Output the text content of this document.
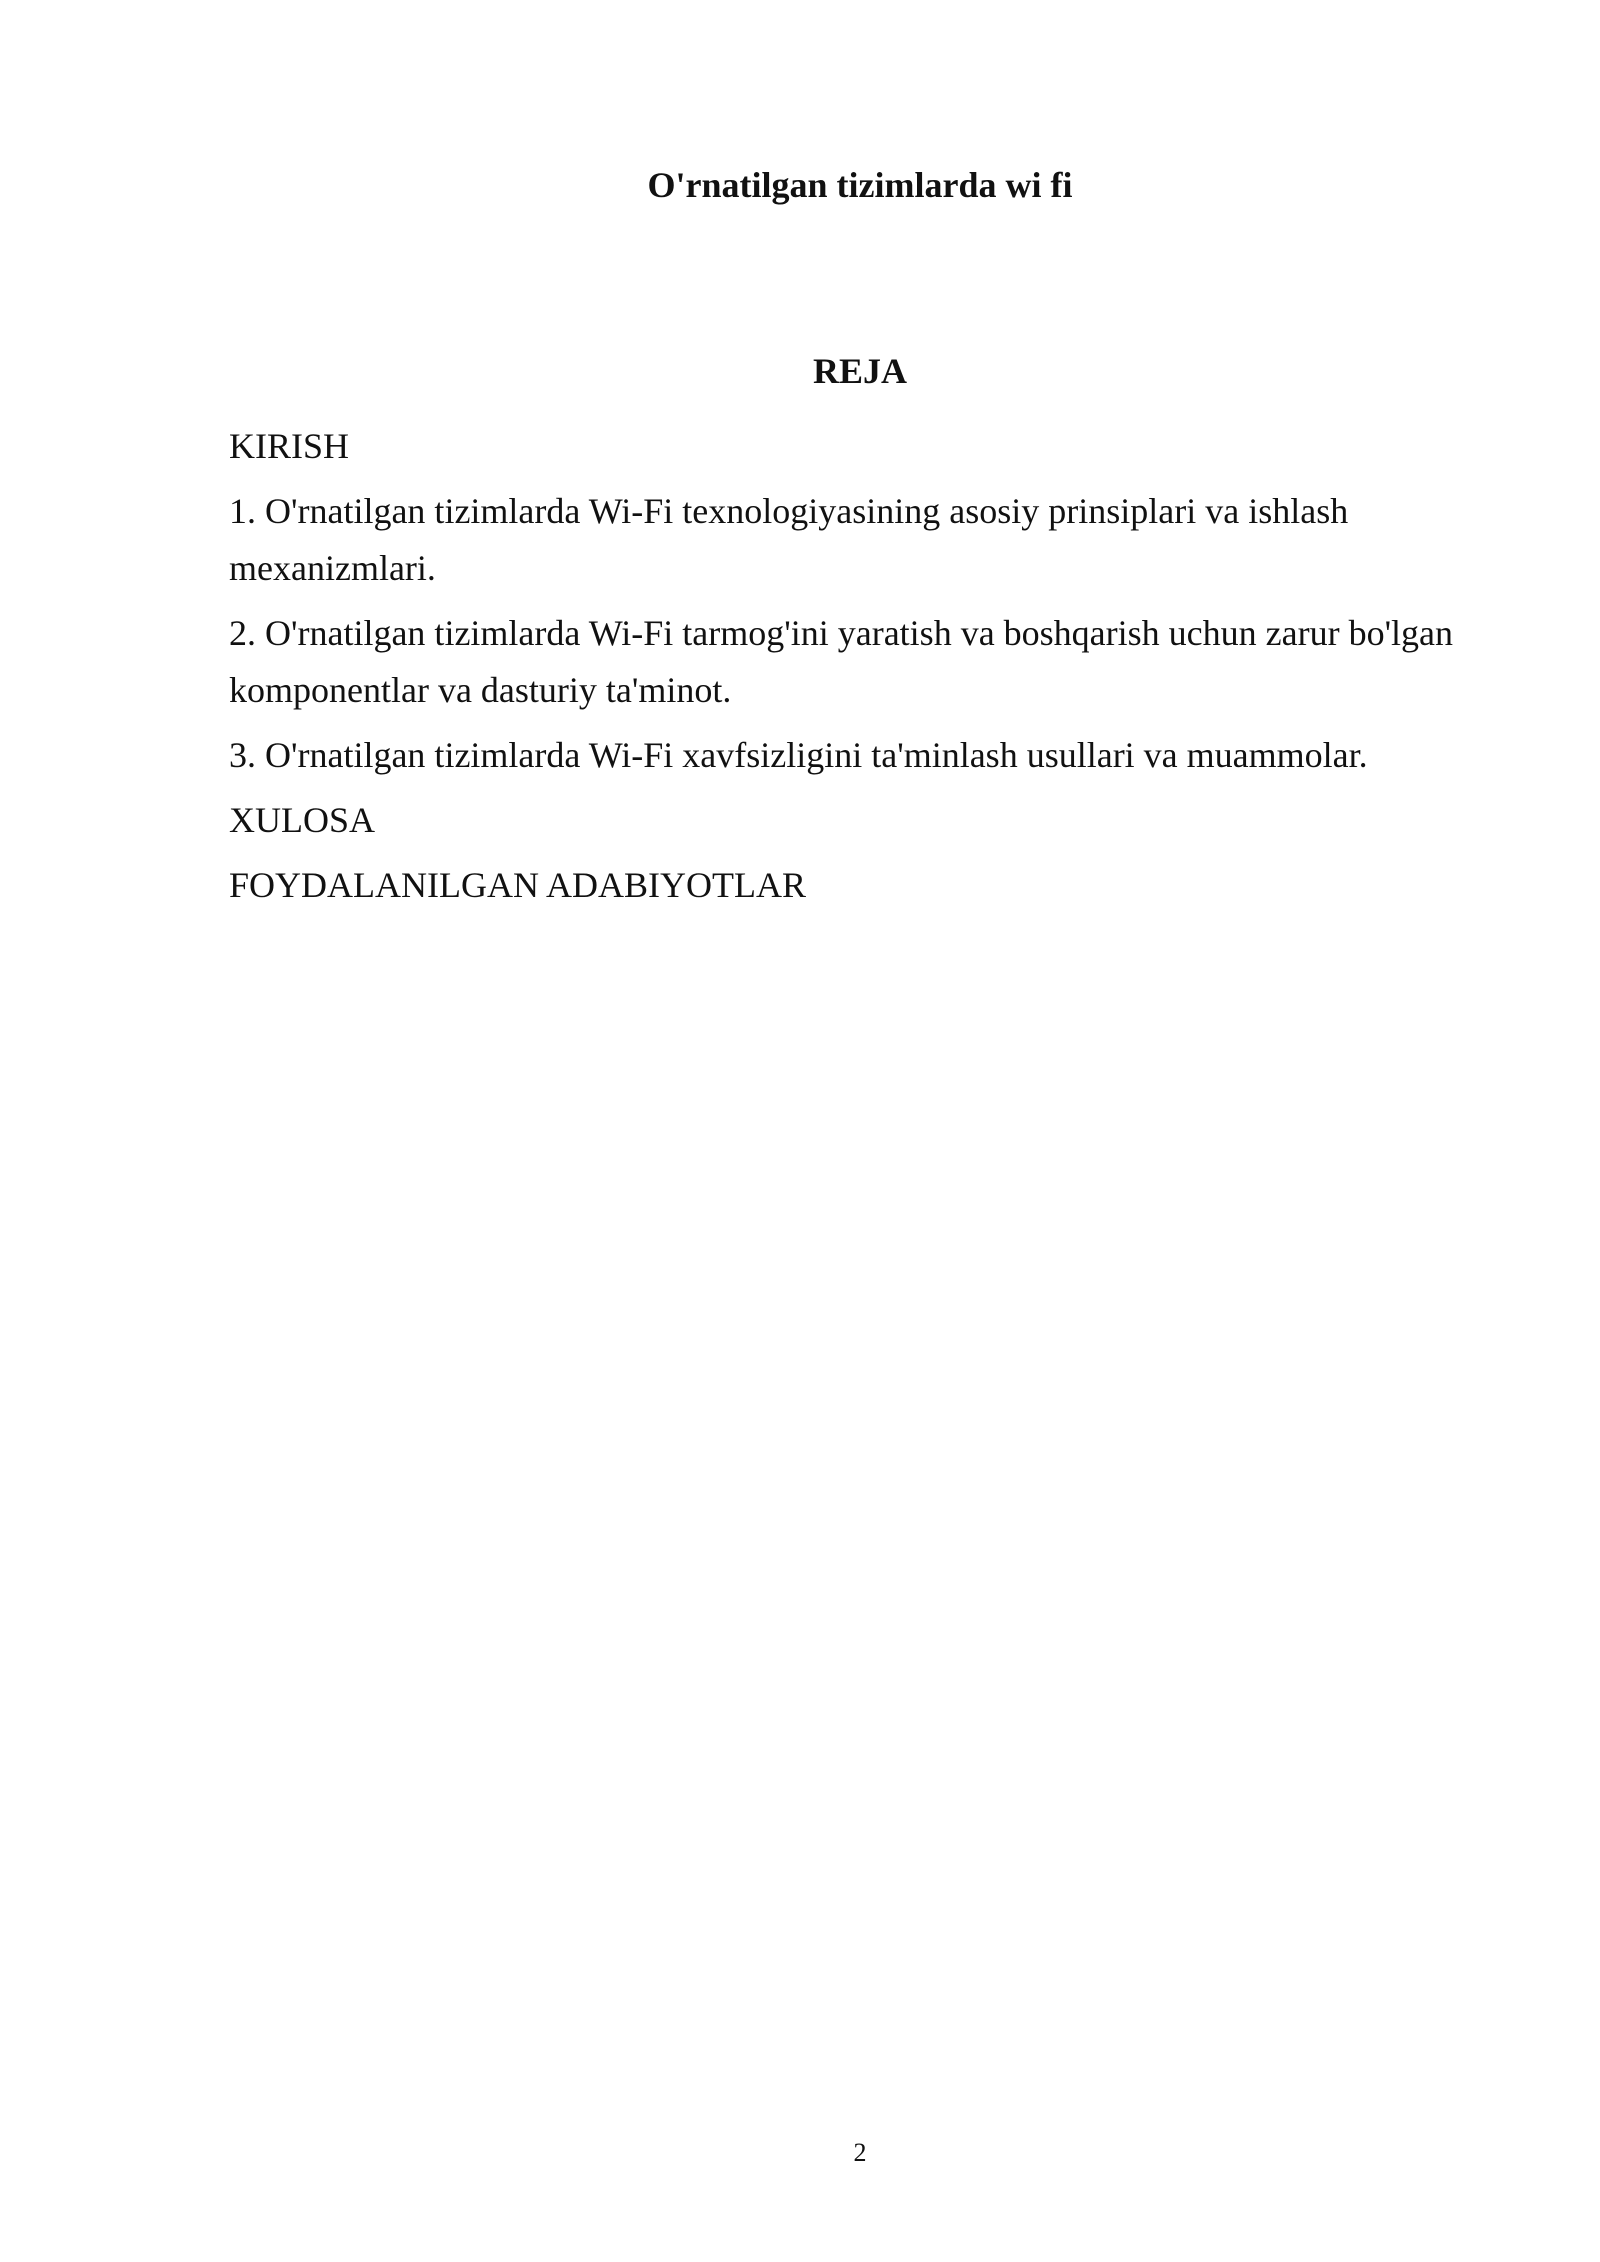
O'rnatilgan tizimlarda wi fi
REJA
KIRISH
1. O'rnatilgan tizimlarda Wi-Fi texnologiyasining asosiy prinsiplari va ishlash mexanizmlari.
2. O'rnatilgan tizimlarda Wi-Fi tarmog'ini yaratish va boshqarish uchun zarur bo'lgan komponentlar va dasturiy ta'minot.
3. O'rnatilgan tizimlarda Wi-Fi xavfsizligini ta'minlash usullari va muammolar.
XULOSA
FOYDALANILGAN ADABIYOTLAR
2
